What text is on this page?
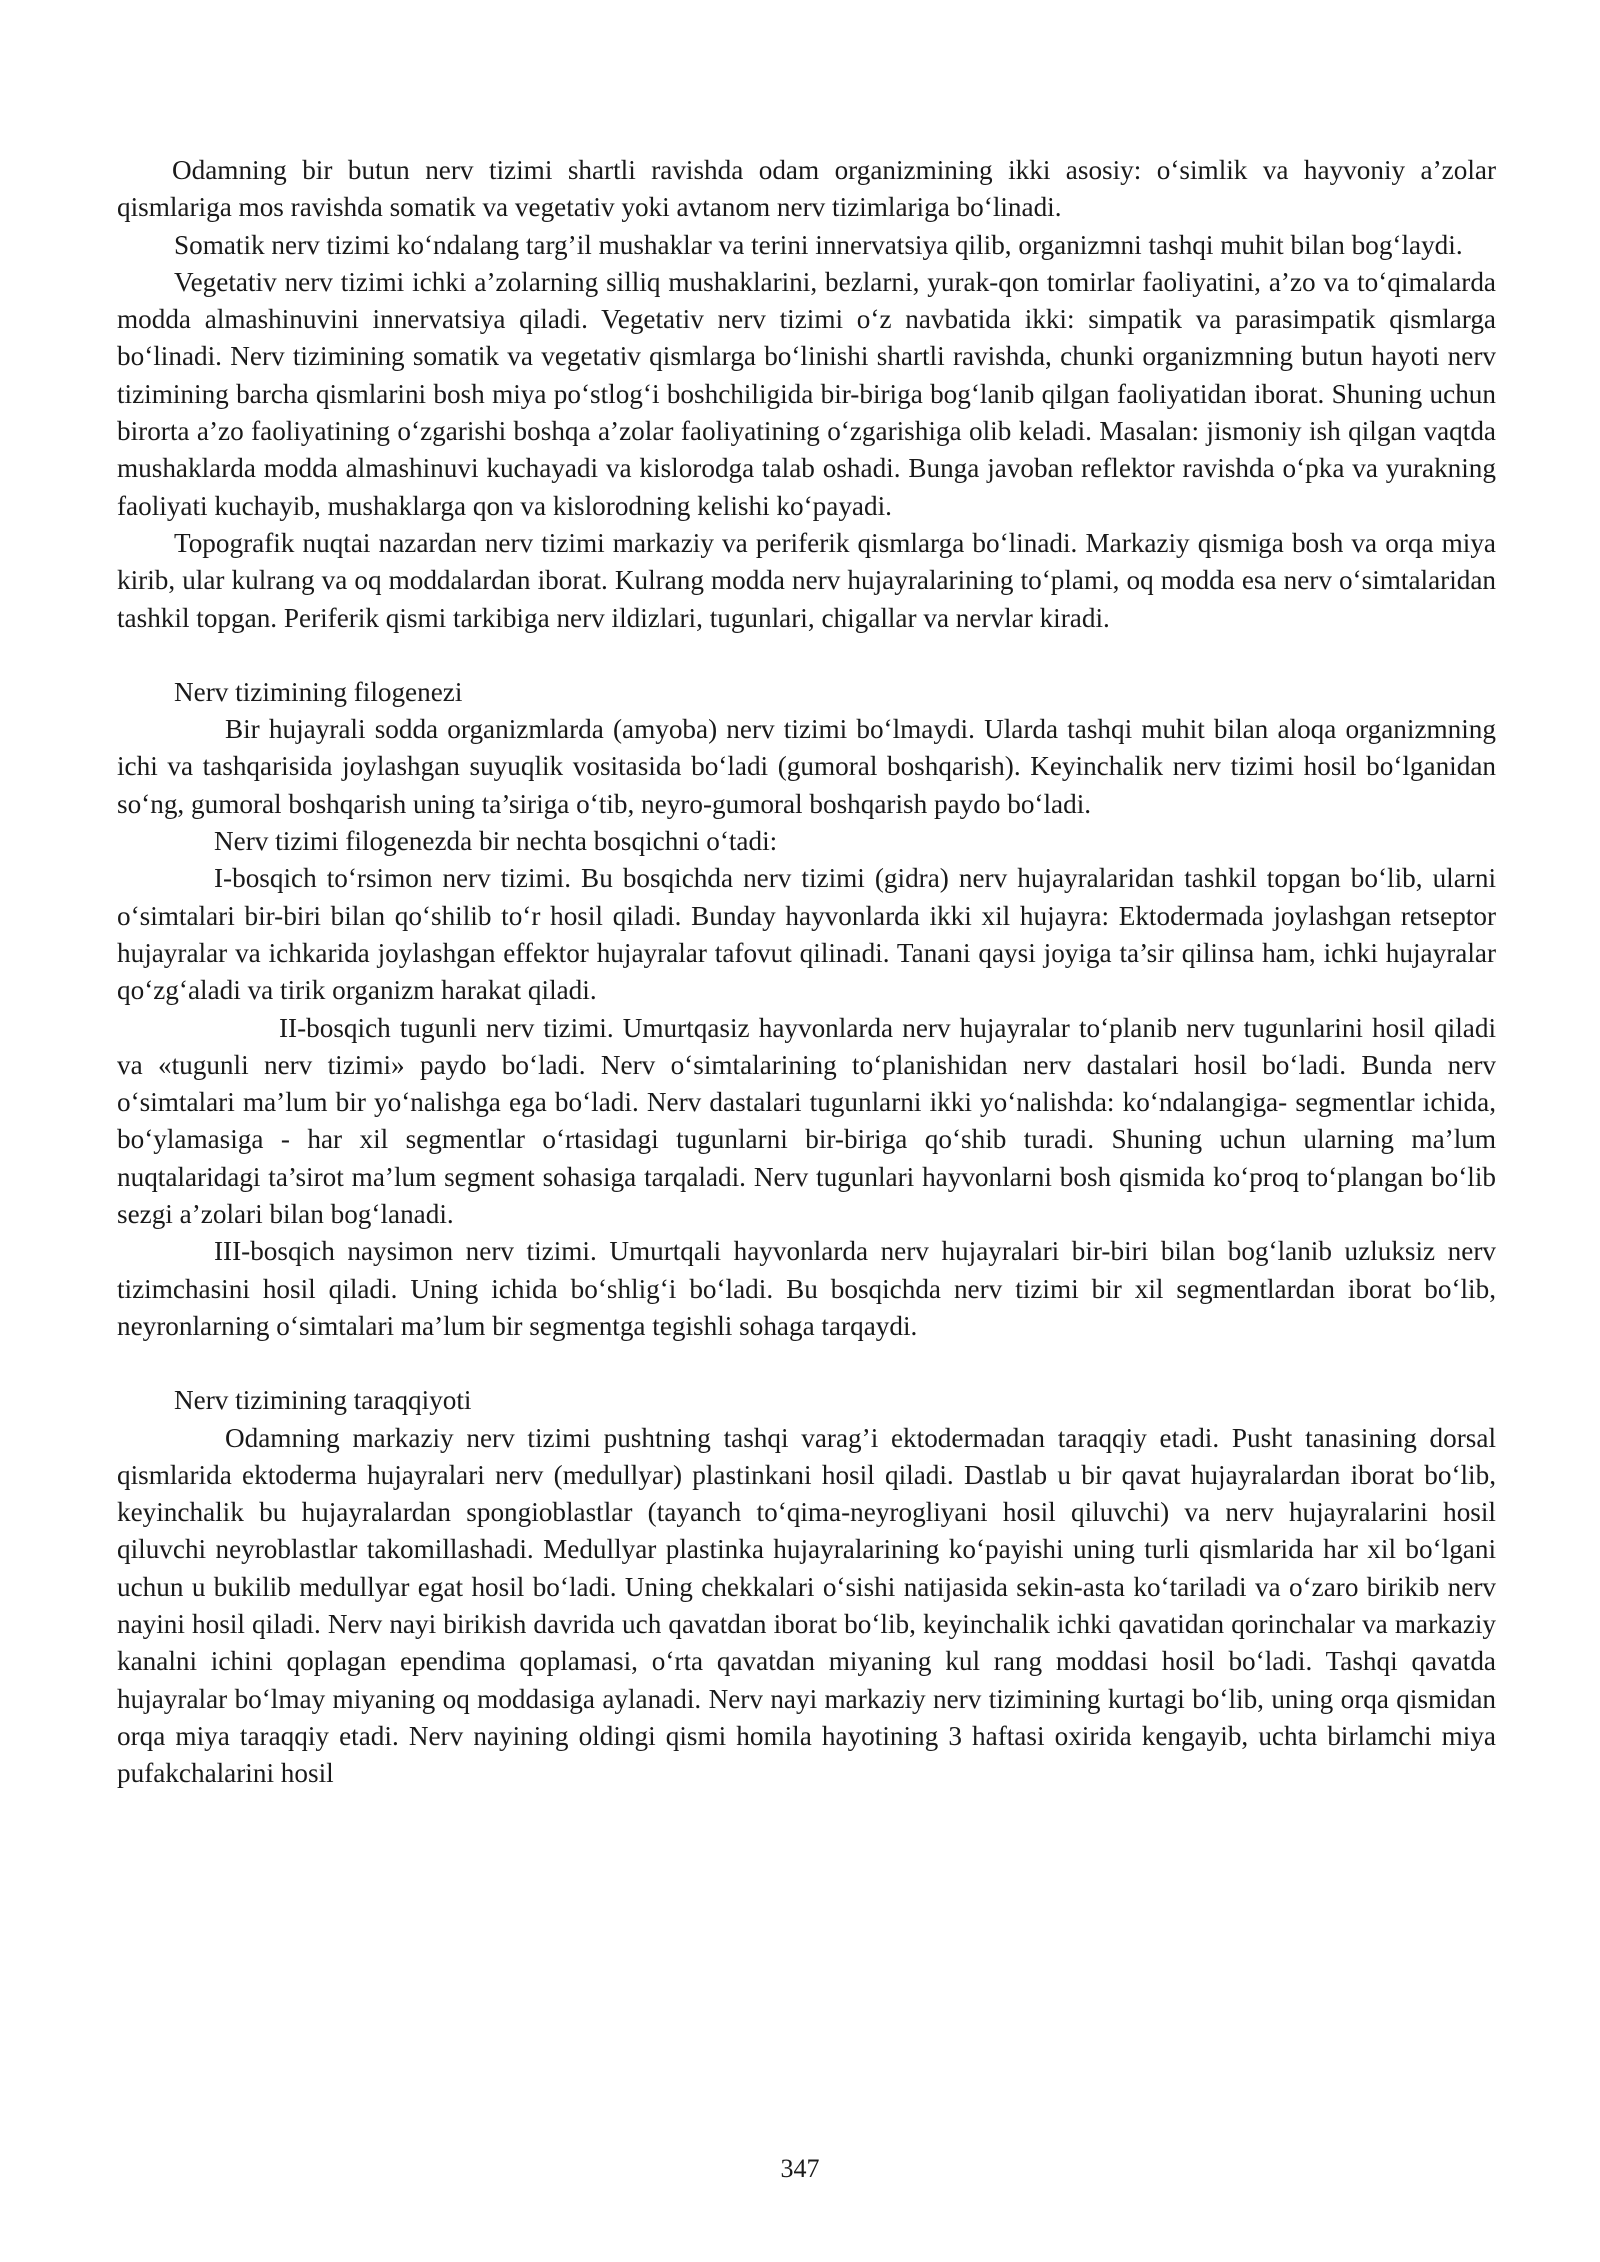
Odamning bir butun nerv tizimi shartli ravishda odam organizmining ikki asosiy: o‘simlik va hayvoniy a’zolar qismlariga mos ravishda somatik va vegetativ yoki avtanom nerv tizimlariga bo‘linadi.

Somatik nerv tizimi ko‘ndalang targ’il mushaklar va terini innervatsiya qilib, organizmni tashqi muhit bilan bog‘laydi.

Vegetativ nerv tizimi ichki a’zolarning silliq mushaklarini, bezlarni, yurak-qon tomirlar faoliyatini, a’zo va to‘qimalarda modda almashinuvini innervatsiya qiladi. Vegetativ nerv tizimi o‘z navbatida ikki: simpatik va parasimpatik qismlarga bo‘linadi. Nerv tizimining somatik va vegetativ qismlarga bo‘linishi shartli ravishda, chunki organizmning butun hayoti nerv tizimining barcha qismlarini bosh miya po‘stlog‘i boshchiligida bir-biriga bog‘lanib qilgan faoliyatidan iborat. Shuning uchun birorta a’zo faoliyatining o‘zgarishi boshqa a’zolar faoliyatining o‘zgarishiga olib keladi. Masalan: jismoniy ish qilgan vaqtda mushaklarda modda almashinuvi kuchayadi va kislorodga talab oshadi. Bunga javoban reflektor ravishda o‘pka va yurakning faoliyati kuchayib, mushaklarga qon va kislorodning kelishi ko‘payadi.

Topografik nuqtai nazardan nerv tizimi markaziy va periferik qismlarga bo‘linadi. Markaziy qismiga bosh va orqa miya kirib, ular kulrang va oq moddalardan iborat. Kulrang modda nerv hujayralarining to‘plami, oq modda esa nerv o‘simtalaridan tashkil topgan. Periferik qismi tarkibiga nerv ildizlari, tugunlari, chigallar va nervlar kiradi.

Nerv tizimining filogenezi

Bir hujayrali sodda organizmlarda (amyoba) nerv tizimi bo‘lmaydi. Ularda tashqi muhit bilan aloqa organizmning ichi va tashqarisida joylashgan suyuqlik vositasida bo‘ladi (gumoral boshqarish). Keyinchalik nerv tizimi hosil bo‘lganidan so‘ng, gumoral boshqarish uning ta’siriga o‘tib, neyro-gumoral boshqarish paydo bo‘ladi.

Nerv tizimi filogenezda bir nechta bosqichni o‘tadi:

I-bosqich to‘rsimon nerv tizimi. Bu bosqichda nerv tizimi (gidra) nerv hujayralaridan tashkil topgan bo‘lib, ularni o‘simtalari bir-biri bilan qo‘shilib to‘r hosil qiladi. Bunday hayvonlarda ikki xil hujayra: Ektodermada joylashgan retseptor hujayralar va ichkarida joylashgan effektor hujayralar tafovut qilinadi. Tanani qaysi joyiga ta’sir qilinsa ham, ichki hujayralar qo‘zg‘aladi va tirik organizm harakat qiladi.

II-bosqich tugunli nerv tizimi. Umurtqasiz hayvonlarda nerv hujayralar to‘planib nerv tugunlarini hosil qiladi va «tugunli nerv tizimi» paydo bo‘ladi. Nerv o‘simtalarining to‘planishidan nerv dastalari hosil bo‘ladi. Bunda nerv o‘simtalari ma’lum bir yo‘nalishga ega bo‘ladi. Nerv dastalari tugunlarni ikki yo‘nalishda: ko‘ndalangiga- segmentlar ichida, bo‘ylamasiga - har xil segmentlar o‘rtasidagi tugunlarni bir-biriga qo‘shib turadi. Shuning uchun ularning ma’lum nuqtalaridagi ta’sirot ma’lum segment sohasiga tarqaladi. Nerv tugunlari hayvonlarni bosh qismida ko‘proq to‘plangan bo‘lib sezgi a’zolari bilan bog‘lanadi.

III-bosqich naysimon nerv tizimi. Umurtqali hayvonlarda nerv hujayralari bir-biri bilan bog‘lanib uzluksiz nerv tizimchasini hosil qiladi. Uning ichida bo‘shlig‘i bo‘ladi. Bu bosqichda nerv tizimi bir xil segmentlardan iborat bo‘lib, neyronlarning o‘simtalari ma’lum bir segmentga tegishli sohaga tarqaydi.

Nerv tizimining taraqqiyoti

Odamning markaziy nerv tizimi pushtning tashqi varag’i ektodermadan taraqqiy etadi. Pusht tanasining dorsal qismlarida ektoderma hujayralari nerv (medullyar) plastinkani hosil qiladi. Dastlab u bir qavat hujayralardan iborat bo‘lib, keyinchalik bu hujayralardan spongioblastlar (tayanch to‘qima-neyrogliyani hosil qiluvchi) va nerv hujayralarini hosil qiluvchi neyroblastlar takomillashadi. Medullyar plastinka hujayralarining ko‘payishi uning turli qismlarida har xil bo‘lgani uchun u bukilib medullyar egat hosil bo‘ladi. Uning chekkalari o‘sishi natijasida sekin-asta ko‘tariladi va o‘zaro birikib nerv nayini hosil qiladi. Nerv nayi birikish davrida uch qavatdan iborat bo‘lib, keyinchalik ichki qavatidan qorinchalar va markaziy kanalni ichini qoplagan ependima qoplamasi, o‘rta qavatdan miyaning kul rang moddasi hosil bo‘ladi. Tashqi qavatda hujayralar bo‘lmay miyaning oq moddasiga aylanadi. Nerv nayi markaziy nerv tizimining kurtagi bo‘lib, uning orqa qismidan orqa miya taraqqiy etadi. Nerv nayining oldingi qismi homila hayotining 3 haftasi oxirida kengayib, uchta birlamchi miya pufakchalarini hosil

347
